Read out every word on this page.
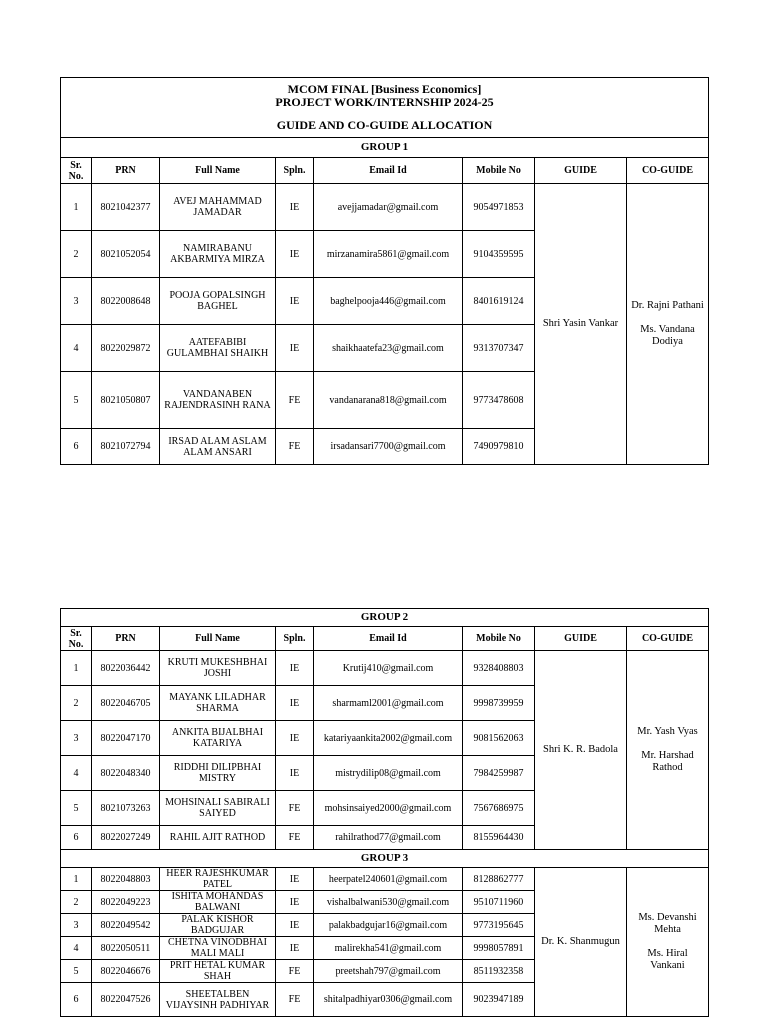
MCOM FINAL [Business Economics]
PROJECT WORK/INTERNSHIP 2024-25
GUIDE AND CO-GUIDE ALLOCATION							

GROUP 1							
Sr. No.	PRN	Full Name	Spln.	Email Id	Mobile No	GUIDE	CO-GUIDE
1	8021042377	AVEJ MAHAMMAD JAMADAR	IE	avejjamadar@gmail.com	9054971853	Shri Yasin Vankar	Dr. Rajni Pathani

Ms. Vandana Dodiya

2	8021052054	NAMIRABANU AKBARMIYA MIRZA	IE	mirzanamira5861@gmail.com	9104359595		
3	8022008648	POOJA GOPALSINGH BAGHEL	IE	baghelpooja446@gmail.com	8401619124		
4	8022029872	AATEFABIBI GULAMBHAI SHAIKH	IE	shaikhaatefa23@gmail.com	9313707347		
5	8021050807	VANDANABEN RAJENDRASINH RANA	FE	vandanarana818@gmail.com	9773478608		
6	8021072794	IRSAD ALAM ASLAM ALAM ANSARI	FE	irsadansari7700@gmail.com	7490979810		
GROUP 2							
Sr. No.	PRN	Full Name	Spln.	Email Id	Mobile No	GUIDE	CO-GUIDE
1	8022036442	KRUTI MUKESHBHAI JOSHI	IE	Krutij410@gmail.com	9328408803	Shri K. R. Badola	Mr. Yash Vyas

Mr. Harshad Rathod

2	8022046705	MAYANK LILADHAR SHARMA	IE	sharmaml2001@gmail.com	9998739959		
3	8022047170	ANKITA BIJALBHAI KATARIYA	IE	katariyaankita2002@gmail.com	9081562063		
4	8022048340	RIDDHI DILIPBHAI MISTRY	IE	mistrydilip08@gmail.com	7984259987		
5	8021073263	MOHSINALI SABIRALI SAIYED	FE	mohsinsaiyed2000@gmail.com	7567686975		
6	8022027249	RAHIL AJIT RATHOD	FE	rahilrathod77@gmail.com	8155964430		
GROUP 3							
1	8022048803	HEER RAJESHKUMAR PATEL	IE	heerpatel240601@gmail.com	8128862777	Dr. K. Shanmugun	Ms. Devanshi Mehta

Ms. Hiral Vankani

2	8022049223	ISHITA MOHANDAS BALWANI	IE	vishalbalwani530@gmail.com	9510711960		
3	8022049542	PALAK KISHOR BADGUJAR	IE	palakbadgujar16@gmail.com	9773195645		
4	8022050511	CHETNA VINODBHAI MALI MALI	IE	malirekha541@gmail.com	9998057891		
5	8022046676	PRIT HETAL KUMAR SHAH	FE	preetshah797@gmail.com	8511932358		
6	8022047526	SHEETALBEN VIJAYSINH PADHIYAR	FE	shitalpadhiyar0306@gmail.com	9023947189		
